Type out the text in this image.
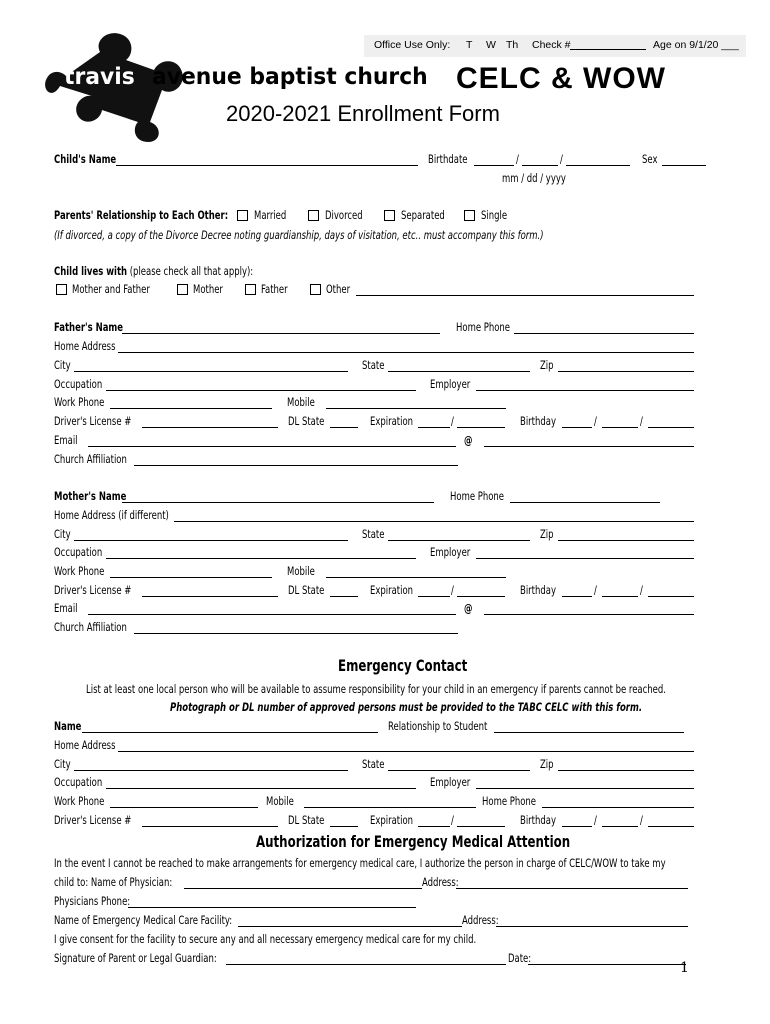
Office Use Only: T W Th Check #	Age on 9/1/20 ___
travis avenue baptist church CELC & WOW
2020-2021 Enrollment Form
Child's Name	Birthdate	/	/	Sex
mm / dd / yyyy
Parents' Relationship to Each Other: Married	Divorced	Separated	Single
(If divorced, a copy of the Divorce Decree noting guardianship, days of visitation, etc.. must accompany this form.)
Child lives with (please check all that apply):
Mother and Father	Mother	Father	Other
Father's Name	Home Phone
Home Address
City	State	Zip
Occupation	Employer
Work Phone	Mobile
Driver's License #	DL State	Expiration	/	Birthday	/	/
Email	@
Church Affiliation
Mother's Name	Home Phone
Home Address (if different)
City	State	Zip
Occupation	Employer
Work Phone	Mobile
Driver's License #	DL State	Expiration	/	Birthday	/	/
Email	@
Church Affiliation
Emergency Contact
List at least one local person who will be available to assume responsibility for your child in an emergency if parents cannot be reached.
Photograph or DL number of approved persons must be provided to the TABC CELC with this form.
Name	Relationship to Student
Home Address
City	State	Zip
Occupation	Employer
Work Phone	Mobile	Home Phone
Driver's License #	DL State	Expiration	/	Birthday	/	/
Authorization for Emergency Medical Attention
In the event I cannot be reached to make arrangements for emergency medical care, I authorize the person in charge of CELC/WOW to take my
child to: Name of Physician:	Address:
Physicians Phone:
Name of Emergency Medical Care Facility:	Address:
I give consent for the facility to secure any and all necessary emergency medical care for my child.
Signature of Parent or Legal Guardian:	Date:
1
